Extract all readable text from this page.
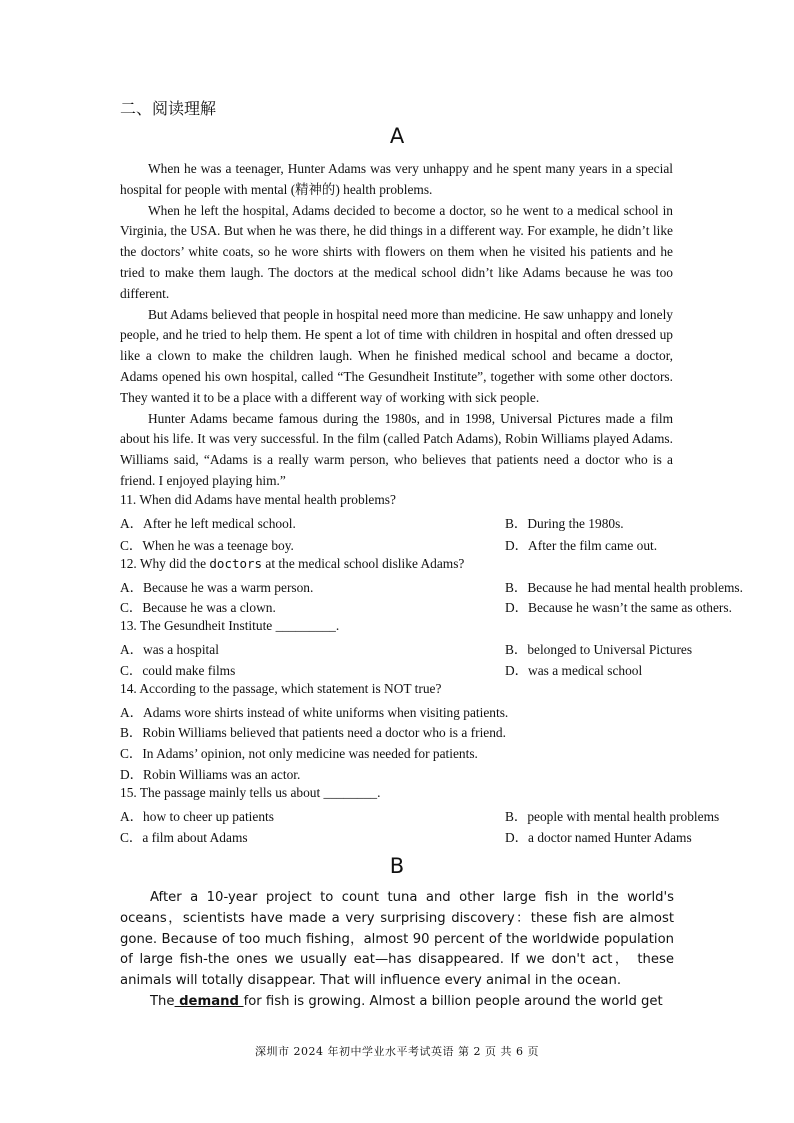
二、阅读理解
A

When he was a teenager, Hunter Adams was very unhappy and he spent many years in a special hospital for people with mental (精神的) health problems.

When he left the hospital, Adams decided to become a doctor, so he went to a medical school in Virginia, the USA. But when he was there, he did things in a different way. For example, he didn’t like the doctors’ white coats, so he wore shirts with flowers on them when he visited his patients and he tried to make them laugh. The doctors at the medical school didn’t like Adams because he was too different.

But Adams believed that people in hospital need more than medicine. He saw unhappy and lonely people, and he tried to help them. He spent a lot of time with children in hospital and often dressed up like a clown to make the children laugh. When he finished medical school and became a doctor, Adams opened his own hospital, called “The Gesundheit Institute”, together with some other doctors. They wanted it to be a place with a different way of working with sick people.

Hunter Adams became famous during the 1980s, and in 1998, Universal Pictures made a film about his life. It was very successful. In the film (called Patch Adams), Robin Williams played Adams. Williams said, “Adams is a really warm person, who believes that patients need a doctor who is a friend. I enjoyed playing him.”

11. When did Adams have mental health problems?
A．After he left medical school.	B．During the 1980s.
C．When he was a teenage boy.	D．After the film came out.
12. Why did the doctors at the medical school dislike Adams?
A．Because he was a warm person.	B．Because he had mental health problems.
C．Because he was a clown.	D．Because he wasn’t the same as others.
13. The Gesundheit Institute _________.
A．was a hospital	B．belonged to Universal Pictures
C．could make films	D．was a medical school
14. According to the passage, which statement is NOT true?
A．Adams wore shirts instead of white uniforms when visiting patients.
B．Robin Williams believed that patients need a doctor who is a friend.
C．In Adams’ opinion, not only medicine was needed for patients.
D．Robin Williams was an actor.
15. The passage mainly tells us about ________.
A．how to cheer up patients	B．people with mental health problems
C．a film about Adams	D．a doctor named Hunter Adams
B

After a 10-year project to count tuna and other large fish in the world's oceans，scientists have made a very surprising discovery：these fish are almost gone. Because of too much fishing，almost 90 percent of the worldwide population of large fish-the ones we usually eat—has disappeared. If we don't act， these animals will totally disappear. That will influence every animal in the ocean.

The demand for fish is growing. Almost a billion people around the world get

深圳市 2024 年初中学业水平考试英语 第 2 页 共 6 页
